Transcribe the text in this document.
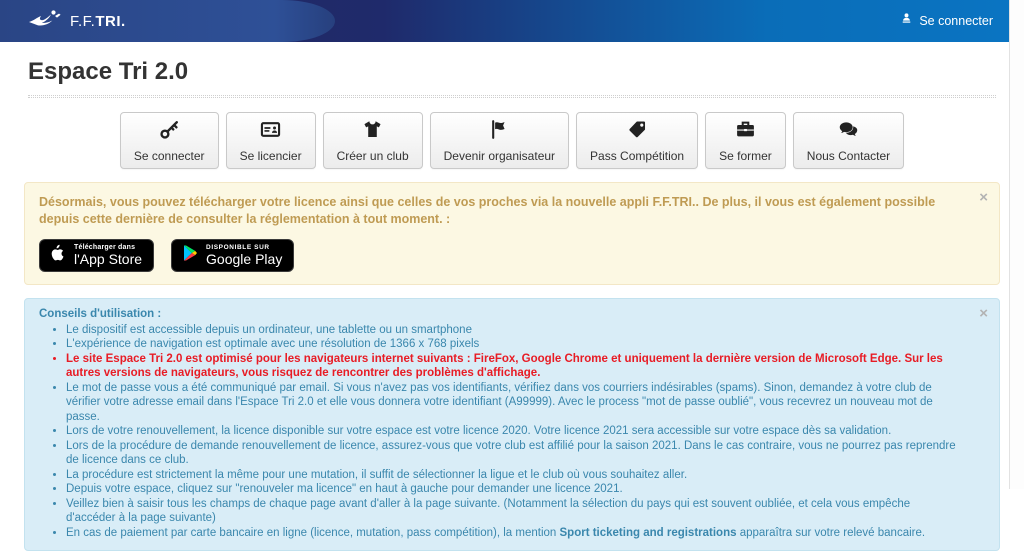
F.F.TRI.	Se connecter
Espace Tri 2.0
Se connecter	Se licencier	Créer un club	Devenir organisateur	Pass Compétition	Se former	Nous Contacter
×
Désormais, vous pouvez télécharger votre licence ainsi que celles de vos proches via la nouvelle appli F.F.TRI.. De plus, il vous est également possible depuis cette dernière de consulter la réglementation à tout moment. :
Télécharger dans
l'App Store
DISPONIBLE SUR
Google Play
×
Conseils d'utilisation :
• Le dispositif est accessible depuis un ordinateur, une tablette ou un smartphone
• L'expérience de navigation est optimale avec une résolution de 1366 x 768 pixels
• Le site Espace Tri 2.0 est optimisé pour les navigateurs internet suivants : FireFox, Google Chrome et uniquement la dernière version de Microsoft Edge. Sur les autres versions de navigateurs, vous risquez de rencontrer des problèmes d'affichage.
• Le mot de passe vous a été communiqué par email. Si vous n'avez pas vos identifiants, vérifiez dans vos courriers indésirables (spams). Sinon, demandez à votre club de vérifier votre adresse email dans l'Espace Tri 2.0 et elle vous donnera votre identifiant (A99999). Avec le process "mot de passe oublié", vous recevrez un nouveau mot de passe.
• Lors de votre renouvellement, la licence disponible sur votre espace est votre licence 2020. Votre licence 2021 sera accessible sur votre espace dès sa validation.
• Lors de la procédure de demande renouvellement de licence, assurez-vous que votre club est affilié pour la saison 2021. Dans le cas contraire, vous ne pourrez pas reprendre de licence dans ce club.
• La procédure est strictement la même pour une mutation, il suffit de sélectionner la ligue et le club où vous souhaitez aller.
• Depuis votre espace, cliquez sur "renouveler ma licence" en haut à gauche pour demander une licence 2021.
• Veillez bien à saisir tous les champs de chaque page avant d'aller à la page suivante. (Notamment la sélection du pays qui est souvent oubliée, et cela vous empêche d'accéder à la page suivante)
• En cas de paiement par carte bancaire en ligne (licence, mutation, pass compétition), la mention Sport ticketing and registrations apparaîtra sur votre relevé bancaire.
